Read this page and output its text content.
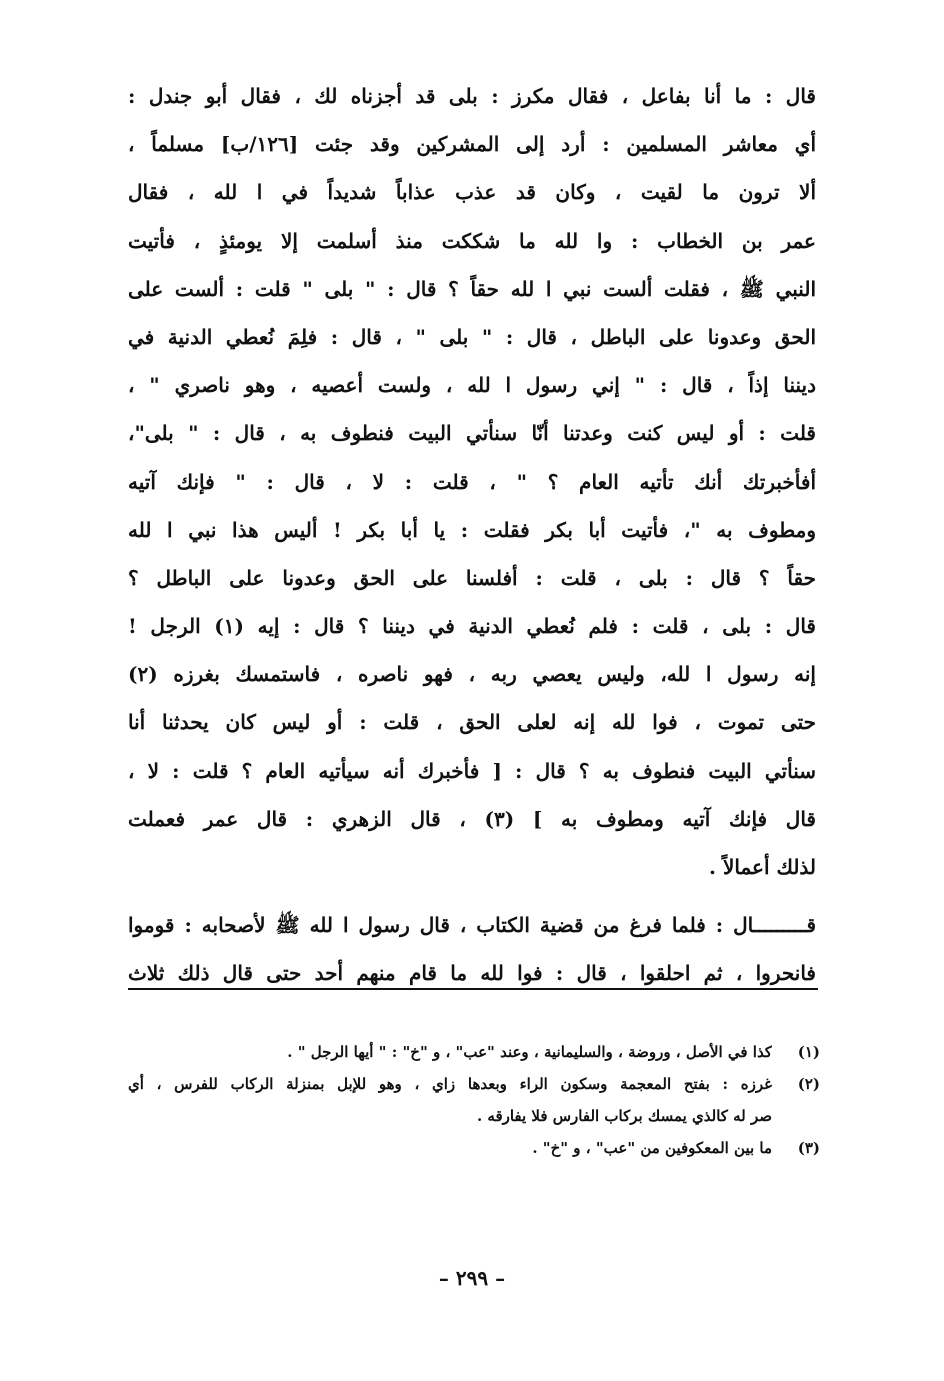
قال : ما أنا بفاعل ، فقال مكرز : بلى قد أجزناه لك ، فقال أبو جندل :
أي معاشر المسلمين : أرد إلى المشركين وقد جئت [١٢٦/ب] مسلماً ،
ألا ترون ما لقيت ، وكان قد عذب عذاباً شديداً في ا لله ، فقال
عمر بن الخطاب : وا لله ما شككت منذ أسلمت إلا يومئذٍ ، فأتيت
النبي ﷺ ، فقلت ألست نبي ا لله حقاً ؟ قال : " بلى " قلت : ألست على
الحق وعدونا على الباطل ، قال : " بلى " ، قال : فلِمَ نُعطي الدنية في
ديننا إذاً ، قال : " إني رسول ا لله ، ولست أعصيه ، وهو ناصري " ،
قلت : أو ليس كنت وعدتنا أنّا سنأتي البيت فنطوف به ، قال : " بلى"،
أفأخبرتك أنك تأتيه العام ؟ " ، قلت : لا ، قال : " فإنك آتيه
ومطوف به "، فأتيت أبا بكر فقلت : يا أبا بكر ! أليس هذا نبي ا لله
حقاً ؟ قال : بلى ، قلت : أفلسنا على الحق وعدونا على الباطل ؟
قال : بلى ، قلت : فلم نُعطي الدنية في ديننا ؟ قال : إيه (١) الرجل !
إنه رسول ا لله، وليس يعصي ربه ، فهو ناصره ، فاستمسك بغرزه (٢)
حتى تموت ، فوا لله إنه لعلى الحق ، قلت : أو ليس كان يحدثنا أنا
سنأتي البيت فنطوف به ؟ قال : [ فأخبرك أنه سيأتيه العام ؟ قلت : لا ،
قال فإنك آتيه ومطوف به ] (٣) ، قال الزهري : قال عمر فعملت
لذلك أعمالاً .
قـــــــــال : فلما فرغ من قضية الكتاب ، قال رسول ا لله ﷺ لأصحابه : قوموا
فانحروا ، ثم احلقوا ، قال : فوا لله ما قام منهم أحد حتى قال ذلك ثلاث
(١)
كذا في الأصل ، وروضة ، والسليمانية ، وعند "عب" ، و "خ" : " أيها الرجل " .
(٢)
غرزه : بفتح المعجمة وسكون الراء وبعدها زاي ، وهو للإبل بمنزلة الركاب للفرس ، أي
صر له كالذي يمسك بركاب الفارس فلا يفارقه .
(٣)
ما بين المعكوفين من "عب" ، و "خ" .
– ٢٩٩ –
